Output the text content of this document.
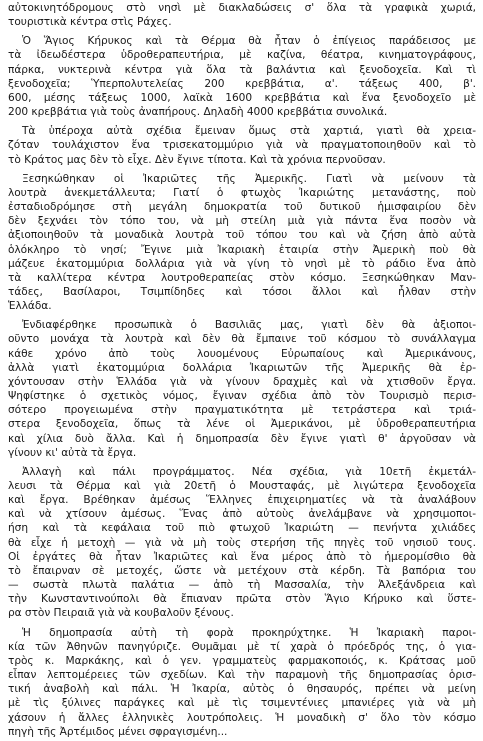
αὐτοκινητόδρομους στὸ νησὶ μὲ διακλαδώσεις σ' ὅλα τὰ γραφικὰ χωριά,
τουριστικὰ κέντρα στὶς Ράχες.
Ὁ Ἅγιος Κήρυκος καὶ τὰ Θέρμα θὰ ἦταν ὁ ἐπίγειος παράδεισος με
τὰ ἰδεωδέστερα ὑδροθεραπευτήρια, μὲ καζίνα, θέατρα, κινηματογράφους,
πάρκα, νυκτερινὰ κέντρα γιὰ ὅλα τὰ βαλάντια καὶ ξενοδοχεῖα. Καὶ τὶ
ξενοδοχεῖα; Ὑπερπολυτελείας 200 κρεββάτια, α'. τάξεως 400, β'.
600, μέσης τάξεως 1000, λαϊκὰ 1600 κρεββάτια καὶ ἕνα ξενοδοχεῖο μὲ
200 κρεββάτια γιὰ τοὺς ἀναπήρους. Δηλαδὴ 4000 κρεββάτια συνολικά.
Τὰ ὑπέροχα αὐτὰ σχέδια ἔμειναν ὅμως στὰ χαρτιά, γιατὶ θὰ χρεια-
ζόταν τουλάχιστον ἕνα τρισεκατομμύριο γιὰ νὰ πραγματοποιηθοῦν καὶ τὸ
τὸ Κράτος μας δὲν τὸ εἶχε. Δὲν ἔγινε τίποτα. Καὶ τὰ χρόνια περνοῦσαν.
Ξεσηκώθηκαν οἱ Ἰκαριῶτες τῆς Ἀμερικῆς. Γιατὶ νὰ μείνουν τὰ
λουτρὰ ἀνεκμετάλλευτα; Γιατί ὁ φτωχὸς Ἰκαριώτης μετανάστης, ποὺ
ἐσταδιοδρόμησε στὴ μεγάλη δημοκρατία τοῦ δυτικοῦ ἡμισφαιρίου δὲν
δὲν ξεχνάει τὸν τόπο του, νὰ μὴ στείλη μιὰ γιὰ πάντα ἕνα ποσὸν νὰ
ἀξιοποιηθοῦν τὰ μοναδικὰ λουτρὰ τοῦ τόπου του καὶ νὰ ζήση ἀπὸ αὐτὰ
ὁλόκληρο τὸ νησί; Ἔγινε μιὰ Ἰκαριακὴ ἑταιρία στὴν Ἀμερικὴ ποὺ θὰ
μάζευε ἑκατομμύρια δολλάρια γιὰ νὰ γίνη τὸ νησὶ μὲ τὸ ράδιο ἕνα ἀπὸ
τὰ καλλίτερα κέντρα λουτροθεραπείας στὸν κόσμο. Ξεσηκώθηκαν Μαν-
τάδες, Βασίλαροι, Τσιμπίδηδες καὶ τόσοι ἄλλοι καὶ ἦλθαν στὴν
Ἑλλάδα.
Ἐνδιαφέρθηκε προσωπικὰ ὁ Βασιλιᾶς μας, γιατὶ δὲν θὰ ἀξιοποι-
οῦντο μονάχα τὰ λουτρὰ καὶ δὲν θὰ ἔμπαινε τοῦ κόσμου τὸ συνάλλαγμα
κάθε χρόνο ἀπὸ τοὺς λουομένους Εὐρωπαίους καὶ Ἀμερικάνους,
ἀλλὰ γιατὶ ἑκατομμύρια δολλάρια Ἰκαριωτῶν τῆς Ἀμερικῆς θὰ ἐρ-
χόντουσαν στὴν Ἑλλάδα γιὰ νὰ γίνουν δραχμὲς καὶ νὰ χτισθοῦν ἔργα.
Ψηφίστηκε ὁ σχετικὸς νόμος, ἔγιναν σχέδια ἀπὸ τὸν Τουρισμὸ περισ-
σότερο προγειωμένα στὴν πραγματικότητα μὲ τετράστερα καὶ τριά-
στερα ξενοδοχεῖα, ὅπως τὰ λένε οἱ Ἀμερικάνοι, μὲ ὑδροθεραπευτήρια
καὶ χίλια δυὸ ἄλλα. Καὶ ἡ δημοπρασία δὲν ἔγινε γιατὶ θ' ἀργοῦσαν νὰ
γίνουν κι' αὐτὰ τὰ ἔργα.
Ἀλλαγὴ καὶ πάλι προγράμματος. Νέα σχέδια, γιὰ 10ετῆ ἐκμετάλ-
λευσι τὰ Θέρμα καὶ γιὰ 20ετῆ ὁ Μουσταφάς, μὲ λιγώτερα ξενοδοχεῖα
καὶ ἔργα. Βρέθηκαν ἀμέσως Ἕλληνες ἐπιχειρηματίες νὰ τὰ ἀναλάβουν
καὶ νὰ χτίσουν ἀμέσως. Ἕνας ἀπὸ αὐτοὺς ἀνελάμβανε νὰ χρησιμοποι-
ήση καὶ τὰ κεφάλαια τοῦ πιὸ φτωχοῦ Ἰκαριώτη — πενήντα χιλιάδες
θὰ εἶχε ἡ μετοχὴ — γιὰ νὰ μὴ τοὺς στερήση τῆς πηγὲς τοῦ νησιοῦ τους.
Οἱ ἐργάτες θὰ ἦταν Ἰκαριῶτες καὶ ἕνα μέρος ἀπὸ τὸ ἡμερομίσθιο θὰ
τὸ ἔπαιρναν σὲ μετοχές, ὥστε νὰ μετέχουν στὰ κέρδη. Τὰ βαπόρια του
— σωστὰ πλωτὰ παλάτια — ἀπὸ τὴ Μασσαλία, τὴν Ἀλεξάνδρεια καὶ
τὴν Κωνσταντινούπολι θὰ ἔπιαναν πρῶτα στὸν Ἅγιο Κήρυκο καὶ ὕστε-
ρα στὸν Πειραιᾶ γιὰ νὰ κουβαλοῦν ξένους.
Ἡ δημοπρασία αὐτὴ τὴ φορὰ προκηρύχτηκε. Ἡ Ἰκαριακὴ παροι-
κία τῶν Ἀθηνῶν πανηγύριζε. Θυμᾶμαι μὲ τί χαρὰ ὁ πρόεδρός της, ὁ για-
τρὸς κ. Μαρκάκης, καὶ ὁ γεν. γραμματεὺς φαρμακοποιός, κ. Κράτσας μοῦ
εἶπαν λεπτομέρειες τῶν σχεδίων. Καὶ τὴν παραμονὴ τῆς δημοπρασίας ὁρισ-
τική ἀναβολὴ καὶ πάλι. Ἡ Ἰκαρία, αὐτὸς ὁ θησαυρός, πρέπει νὰ μείνη
μὲ τὶς ξύλινες παράγκες καὶ μὲ τὶς τσιμεντένιες μπανιέρες γιὰ νὰ μὴ
χάσουν ἡ ἄλλες ἑλληνικὲς λουτρόπολεις. Ἡ μοναδικὴ σ' ὅλο τὸν κόσμο
πηγὴ τῆς Ἀρτέμιδος μένει σφραγισμένη...
